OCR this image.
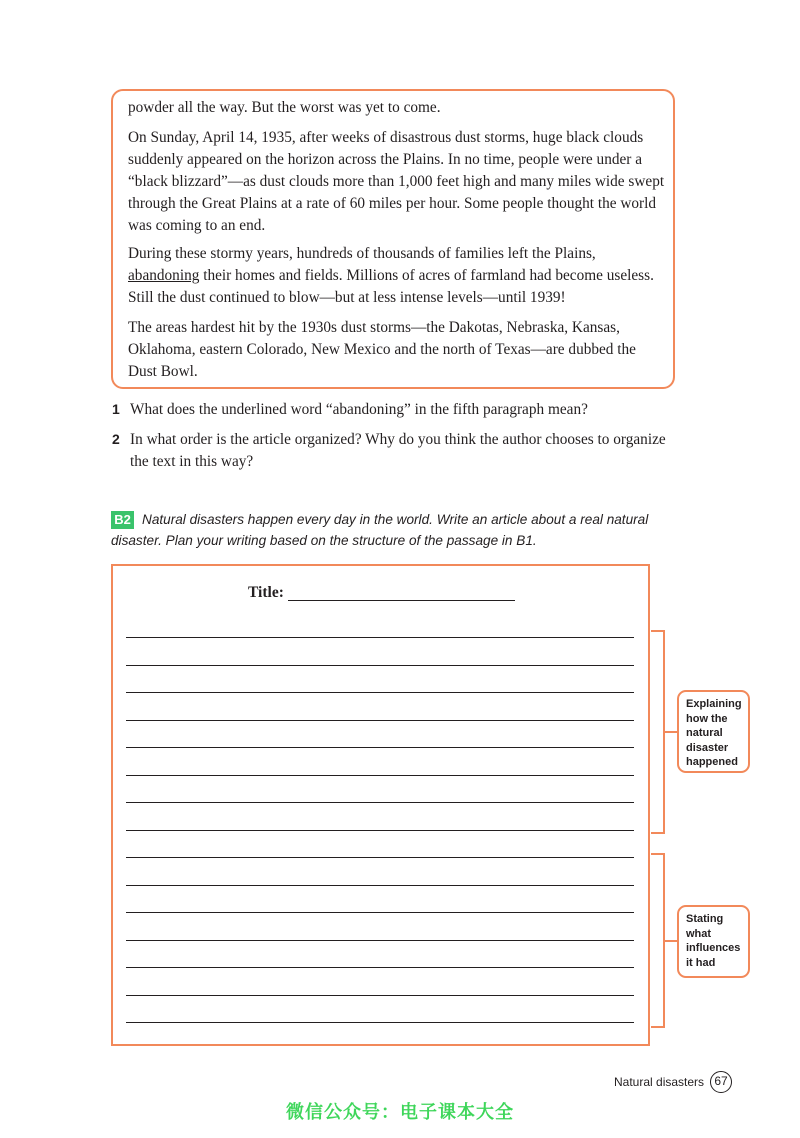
powder all the way. But the worst was yet to come.

On Sunday, April 14, 1935, after weeks of disastrous dust storms, huge black clouds suddenly appeared on the horizon across the Plains. In no time, people were under a “black blizzard”—as dust clouds more than 1,000 feet high and many miles wide swept through the Great Plains at a rate of 60 miles per hour. Some people thought the world was coming to an end.

During these stormy years, hundreds of thousands of families left the Plains, abandoning their homes and fields. Millions of acres of farmland had become useless. Still the dust continued to blow—but at less intense levels—until 1939!

The areas hardest hit by the 1930s dust storms—the Dakotas, Nebraska, Kansas, Oklahoma, eastern Colorado, New Mexico and the north of Texas—are dubbed the Dust Bowl.

1 What does the underlined word “abandoning” in the fifth paragraph mean?

2 In what order is the article organized? Why do you think the author chooses to organize the text in this way?

Natural disasters happen every day in the world. Write an article about a real natural disaster. Plan your writing based on the structure of the passage in B1.

B2
Title:
Explaining how the natural disaster happened
Stating what influences it had
Natural disasters 67
微信公众号：电子课本大全
